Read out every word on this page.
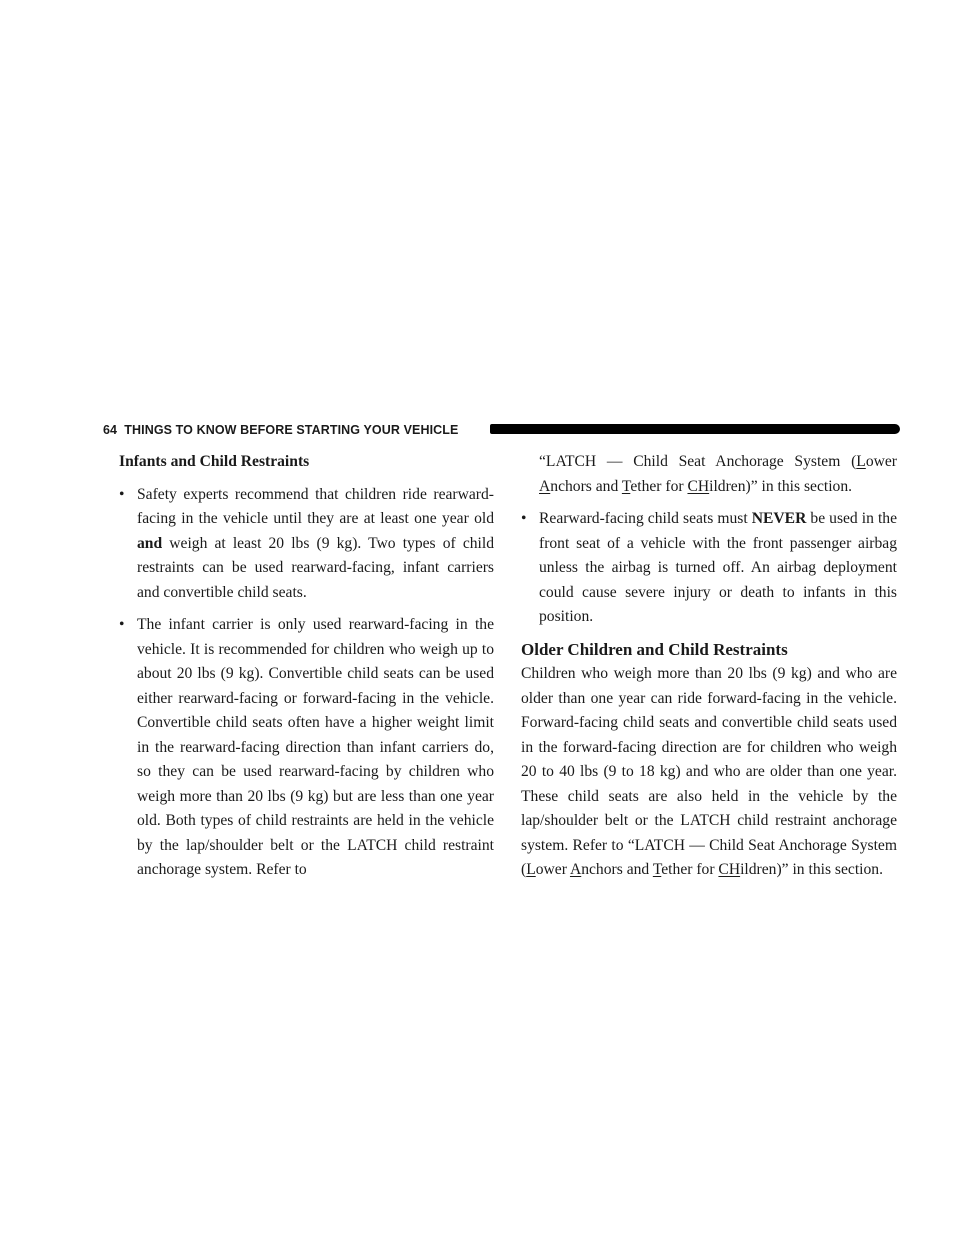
64 THINGS TO KNOW BEFORE STARTING YOUR VEHICLE
Infants and Child Restraints
• Safety experts recommend that children ride rearward-facing in the vehicle until they are at least one year old and weigh at least 20 lbs (9 kg). Two types of child restraints can be used rearward-facing, infant carriers and convertible child seats.

• The infant carrier is only used rearward-facing in the vehicle. It is recommended for children who weigh up to about 20 lbs (9 kg). Convertible child seats can be used either rearward-facing or forward-facing in the vehicle. Convertible child seats often have a higher weight limit in the rearward-facing direction than infant carriers do, so they can be used rearward-facing by children who weigh more than 20 lbs (9 kg) but are less than one year old. Both types of child restraints are held in the vehicle by the lap/shoulder belt or the LATCH child restraint anchorage system. Refer to

“LATCH — Child Seat Anchorage System (Lower
Anchors and Tether for CHildren)” in this section.
• Rearward-facing child seats must NEVER be used in the front seat of a vehicle with the front passenger airbag unless the airbag is turned off. An airbag deployment could cause severe injury or death to infants in this position.

Older Children and Child Restraints

Children who weigh more than 20 lbs (9 kg) and who are older than one year can ride forward-facing in the vehicle. Forward-facing child seats and convertible child seats used in the forward-facing direction are for children who weigh 20 to 40 lbs (9 to 18 kg) and who are older than one year. These child seats are also held in the vehicle by the lap/shoulder belt or the LATCH child restraint anchorage system. Refer to “LATCH — Child Seat Anchorage System (Lower Anchors and Tether for CHildren)” in this section.
